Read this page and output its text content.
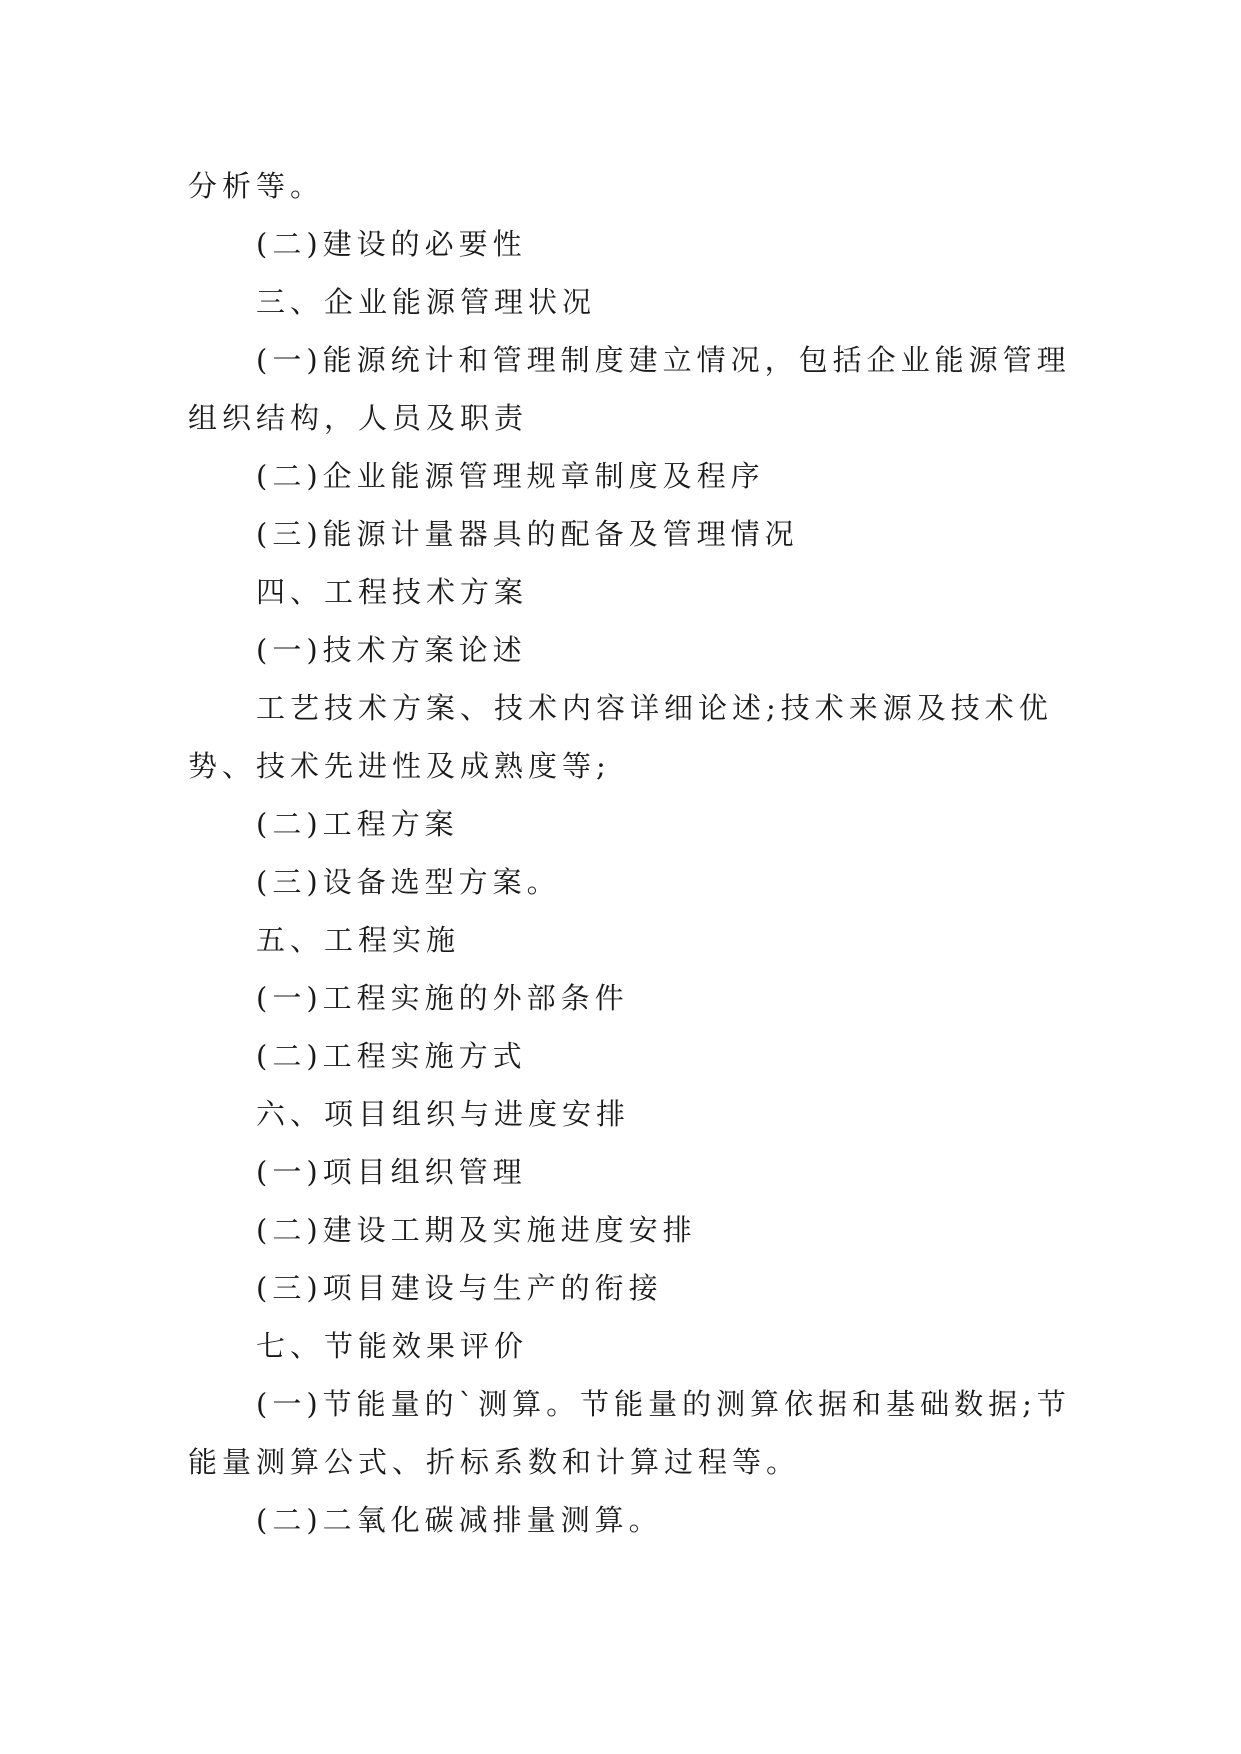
分析等。
(二)建设的必要性
三、企业能源管理状况
(一)能源统计和管理制度建立情况，包括企业能源管理
组织结构，人员及职责
(二)企业能源管理规章制度及程序
(三)能源计量器具的配备及管理情况
四、工程技术方案
(一)技术方案论述
工艺技术方案、技术内容详细论述;技术来源及技术优
势、技术先进性及成熟度等;
(二)工程方案
(三)设备选型方案。
五、工程实施
(一)工程实施的外部条件
(二)工程实施方式
六、项目组织与进度安排
(一)项目组织管理
(二)建设工期及实施进度安排
(三)项目建设与生产的衔接
七、节能效果评价
(一)节能量的`测算。节能量的测算依据和基础数据;节
能量测算公式、折标系数和计算过程等。
(二)二氧化碳减排量测算。
